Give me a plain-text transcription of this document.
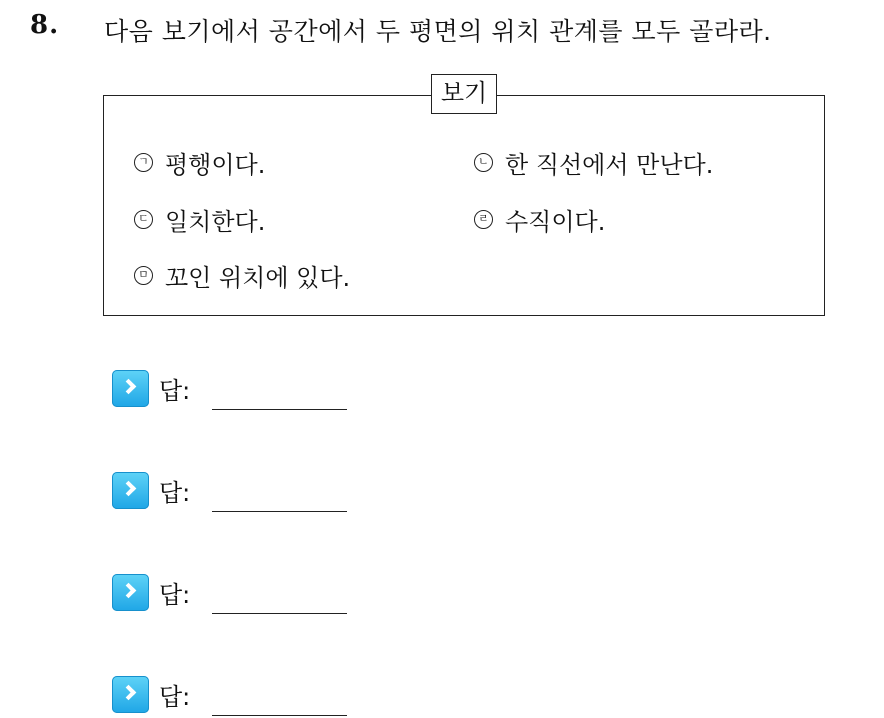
8. 다음 보기에서 공간에서 두 평면의 위치 관계를 모두 골라라.
보기
ㄱ 평행이다.	ㄴ 한 직선에서 만난다.
ㄷ 일치한다.	ㄹ 수직이다.
ㅁ 꼬인 위치에 있다.
답:
답:
답:
답:
